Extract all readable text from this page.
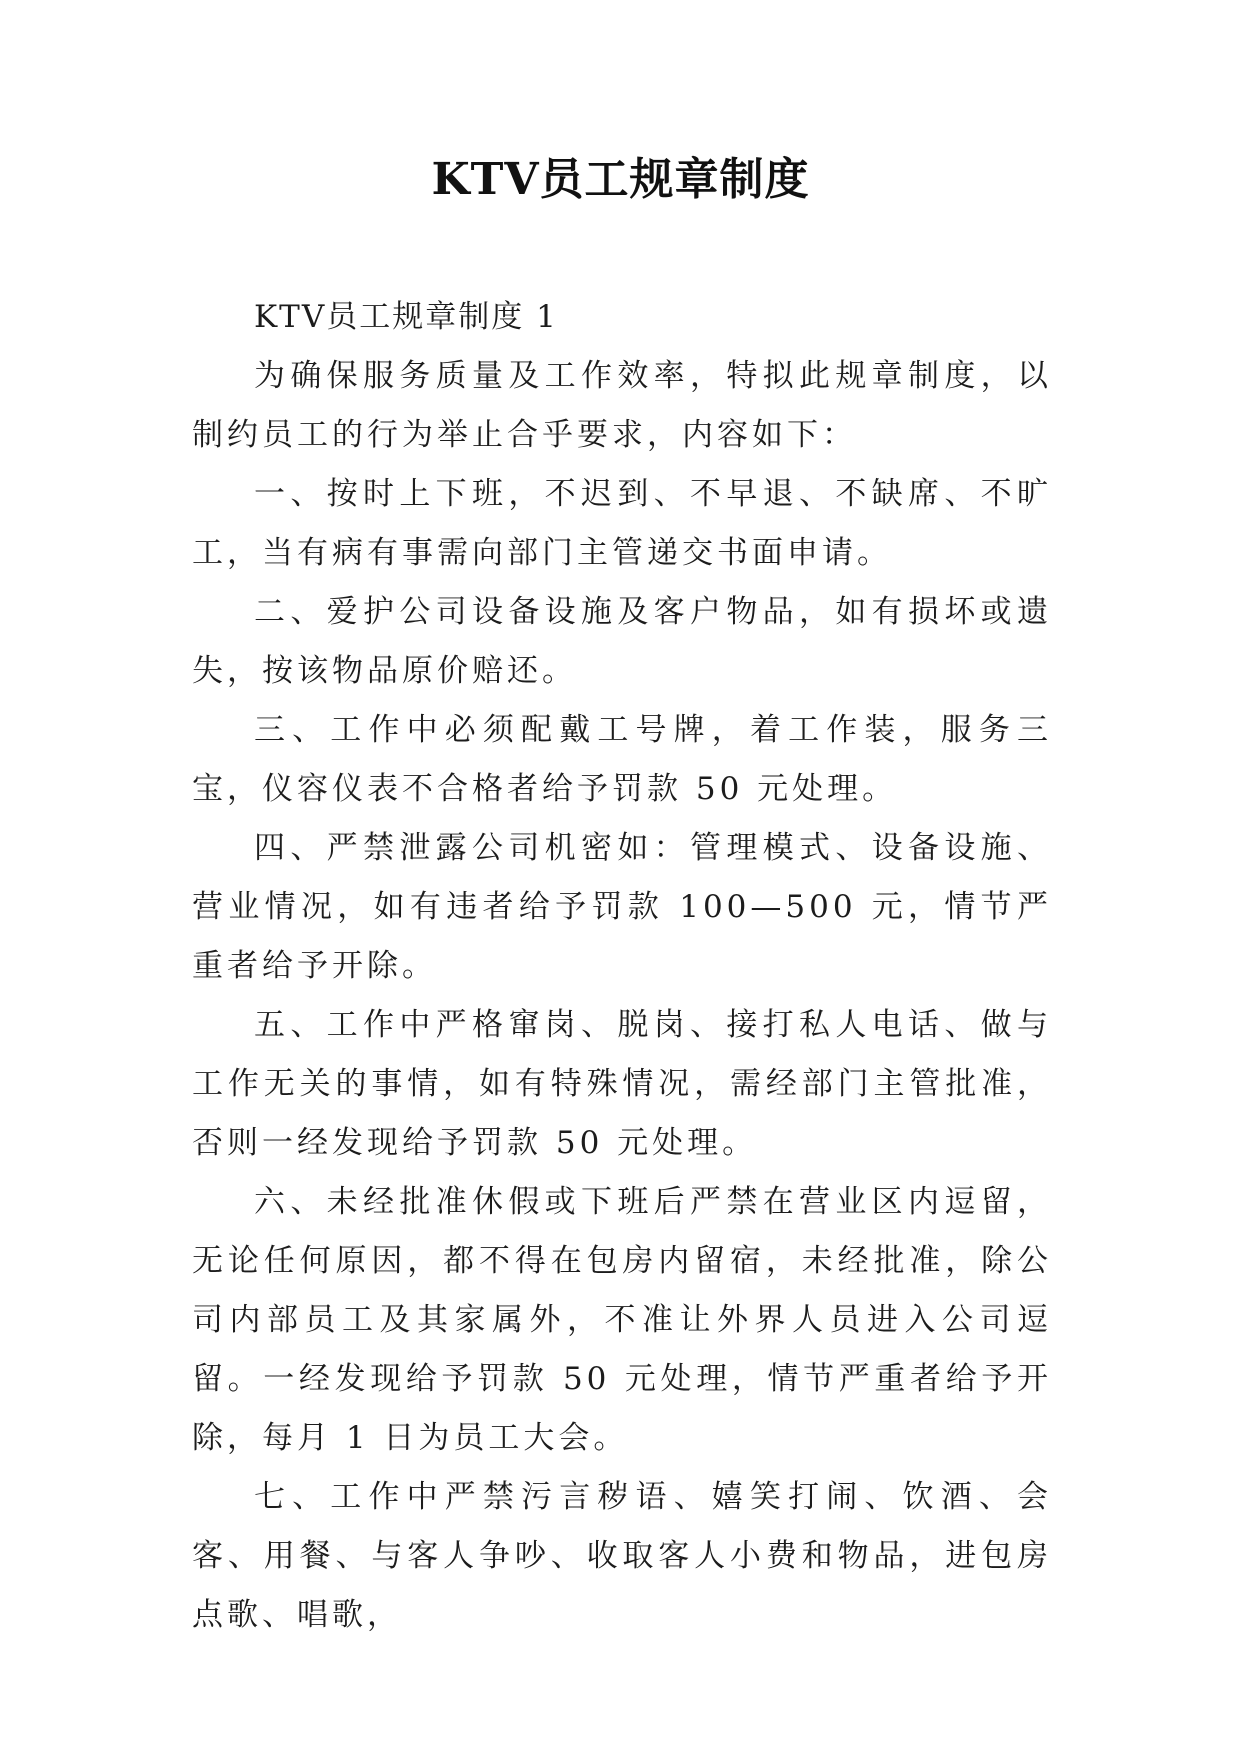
KTV员工规章制度

KTV员工规章制度 1

为确保服务质量及工作效率，特拟此规章制度，以制约员工的行为举止合乎要求，内容如下：

一、按时上下班，不迟到、不早退、不缺席、不旷工，当有病有事需向部门主管递交书面申请。

二、爱护公司设备设施及客户物品，如有损坏或遗失，按该物品原价赔还。

三、工作中必须配戴工号牌，着工作装，服务三宝，仪容仪表不合格者给予罚款 50 元处理。

四、严禁泄露公司机密如：管理模式、设备设施、营业情况，如有违者给予罚款 100—500 元，情节严重者给予开除。

五、工作中严格窜岗、脱岗、接打私人电话、做与工作无关的事情，如有特殊情况，需经部门主管批准，否则一经发现给予罚款 50 元处理。

六、未经批准休假或下班后严禁在营业区内逗留，无论任何原因，都不得在包房内留宿，未经批准，除公司内部员工及其家属外，不准让外界人员进入公司逗留。一经发现给予罚款 50 元处理，情节严重者给予开除，每月 1 日为员工大会。

七、工作中严禁污言秽语、嬉笑打闹、饮酒、会客、用餐、与客人争吵、收取客人小费和物品，进包房点歌、唱歌，
